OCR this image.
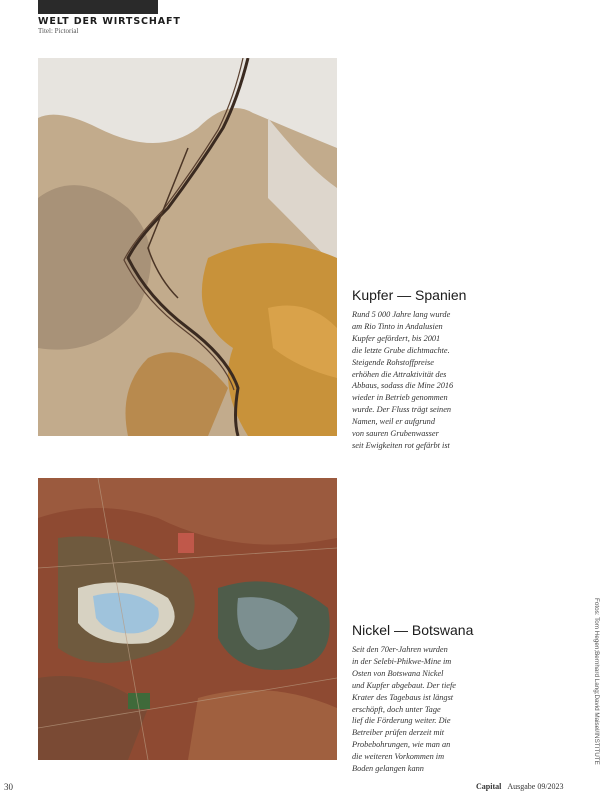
WELT DER WIRTSCHAFT
Titel: Pictorial
Kupfer — Spanien
Rund 5 000 Jahre lang wurde
am Rio Tinto in Andalusien
Kupfer gefördert, bis 2001
die letzte Grube dichtmachte.
Steigende Rohstoffpreise
erhöhen die Attraktivität des
Abbaus, sodass die Mine 2016
wieder in Betrieb genommen
wurde. Der Fluss trägt seinen
Namen, weil er aufgrund
von sauren Grubenwasser
seit Ewigkeiten rot gefärbt ist
Nickel — Botswana
Seit den 70er-Jahren wurden
in der Selebi-Phikwe-Mine im
Osten von Botswana Nickel
und Kupfer abgebaut. Der tiefe
Krater des Tagebaus ist längst
erschöpft, doch unter Tage
lief die Förderung weiter. Die
Betreiber prüfen derzeit mit
Probebohrungen, wie man an
die weiteren Vorkommen im
Boden gelangen kann
Fotos: Tom Hegen;Bernhard Lang;David Maisel/INSTITUTE
30	Capital Ausgabe 09/2023
